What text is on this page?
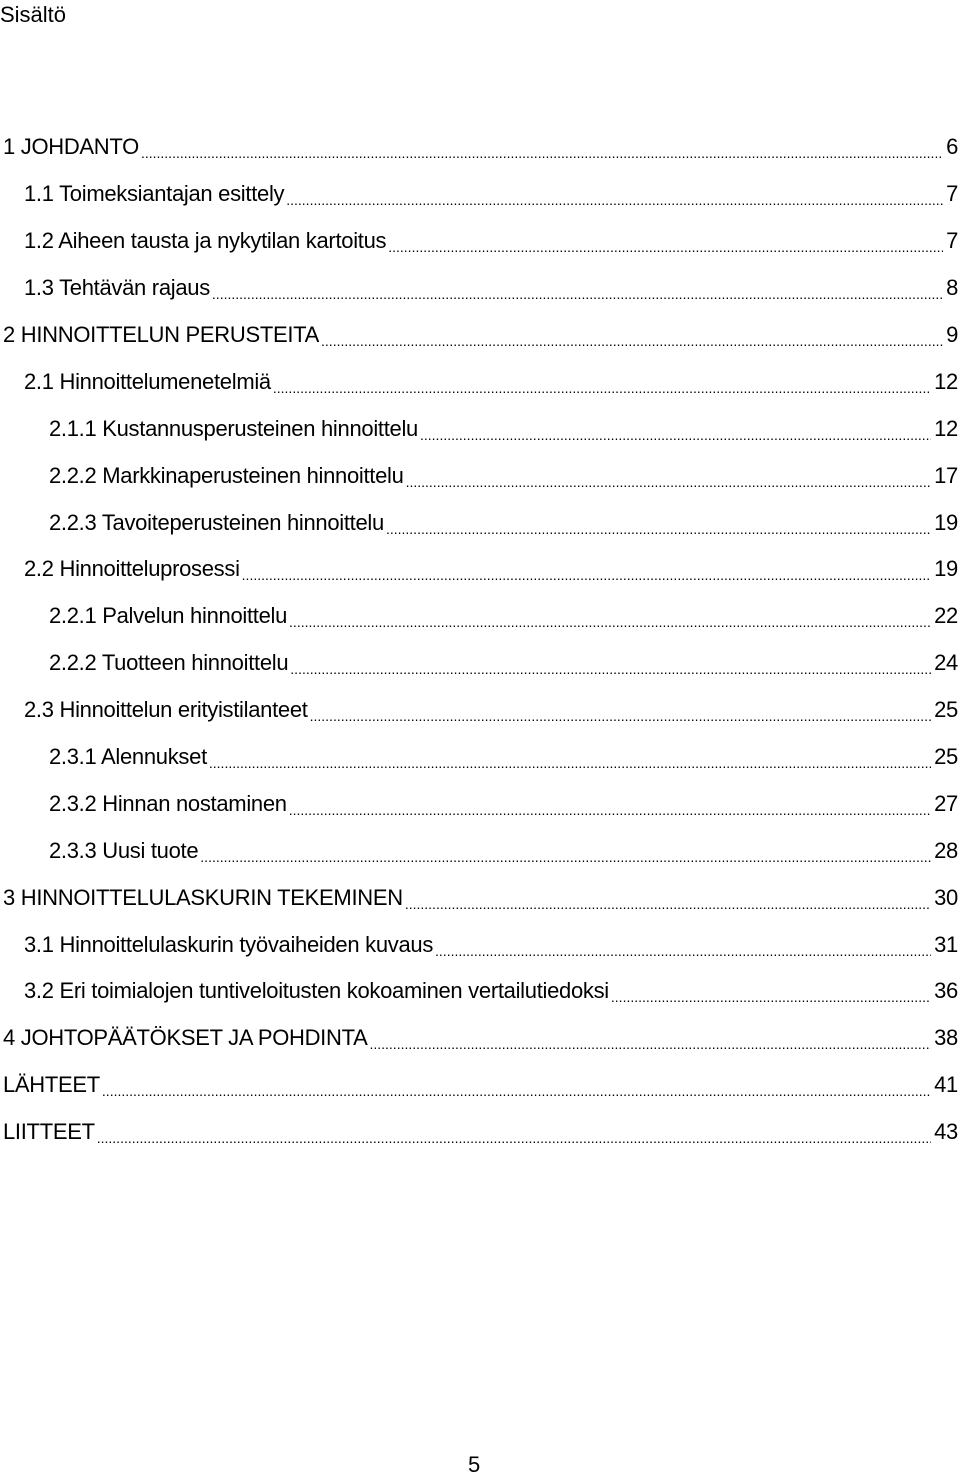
Sisältö
1 JOHDANTO .....	6
1.1 Toimeksiantajan esittely .....	7
1.2 Aiheen tausta ja nykytilan kartoitus .....	7
1.3 Tehtävän rajaus .....	8
2 HINNOITTELUN PERUSTEITA .....	9
2.1 Hinnoittelumenetelmiä .....	12
2.1.1 Kustannusperusteinen hinnoittelu .....	12
2.2.2 Markkinaperusteinen hinnoittelu .....	17
2.2.3 Tavoiteperusteinen hinnoittelu .....	19
2.2 Hinnoitteluprosessi .....	19
2.2.1 Palvelun hinnoittelu .....	22
2.2.2 Tuotteen hinnoittelu .....	24
2.3 Hinnoittelun erityistilanteet .....	25
2.3.1 Alennukset .....	25
2.3.2 Hinnan nostaminen .....	27
2.3.3 Uusi tuote .....	28
3 HINNOITTELULASKURIN TEKEMINEN .....	30
3.1 Hinnoittelulaskurin työvaiheiden kuvaus .....	31
3.2 Eri toimialojen tuntiveloitusten kokoaminen vertailutiedoksi .....	36
4 JOHTOPÄÄTÖKSET JA POHDINTA .....	38
LÄHTEET .....	41
LIITTEET .....	43
5
